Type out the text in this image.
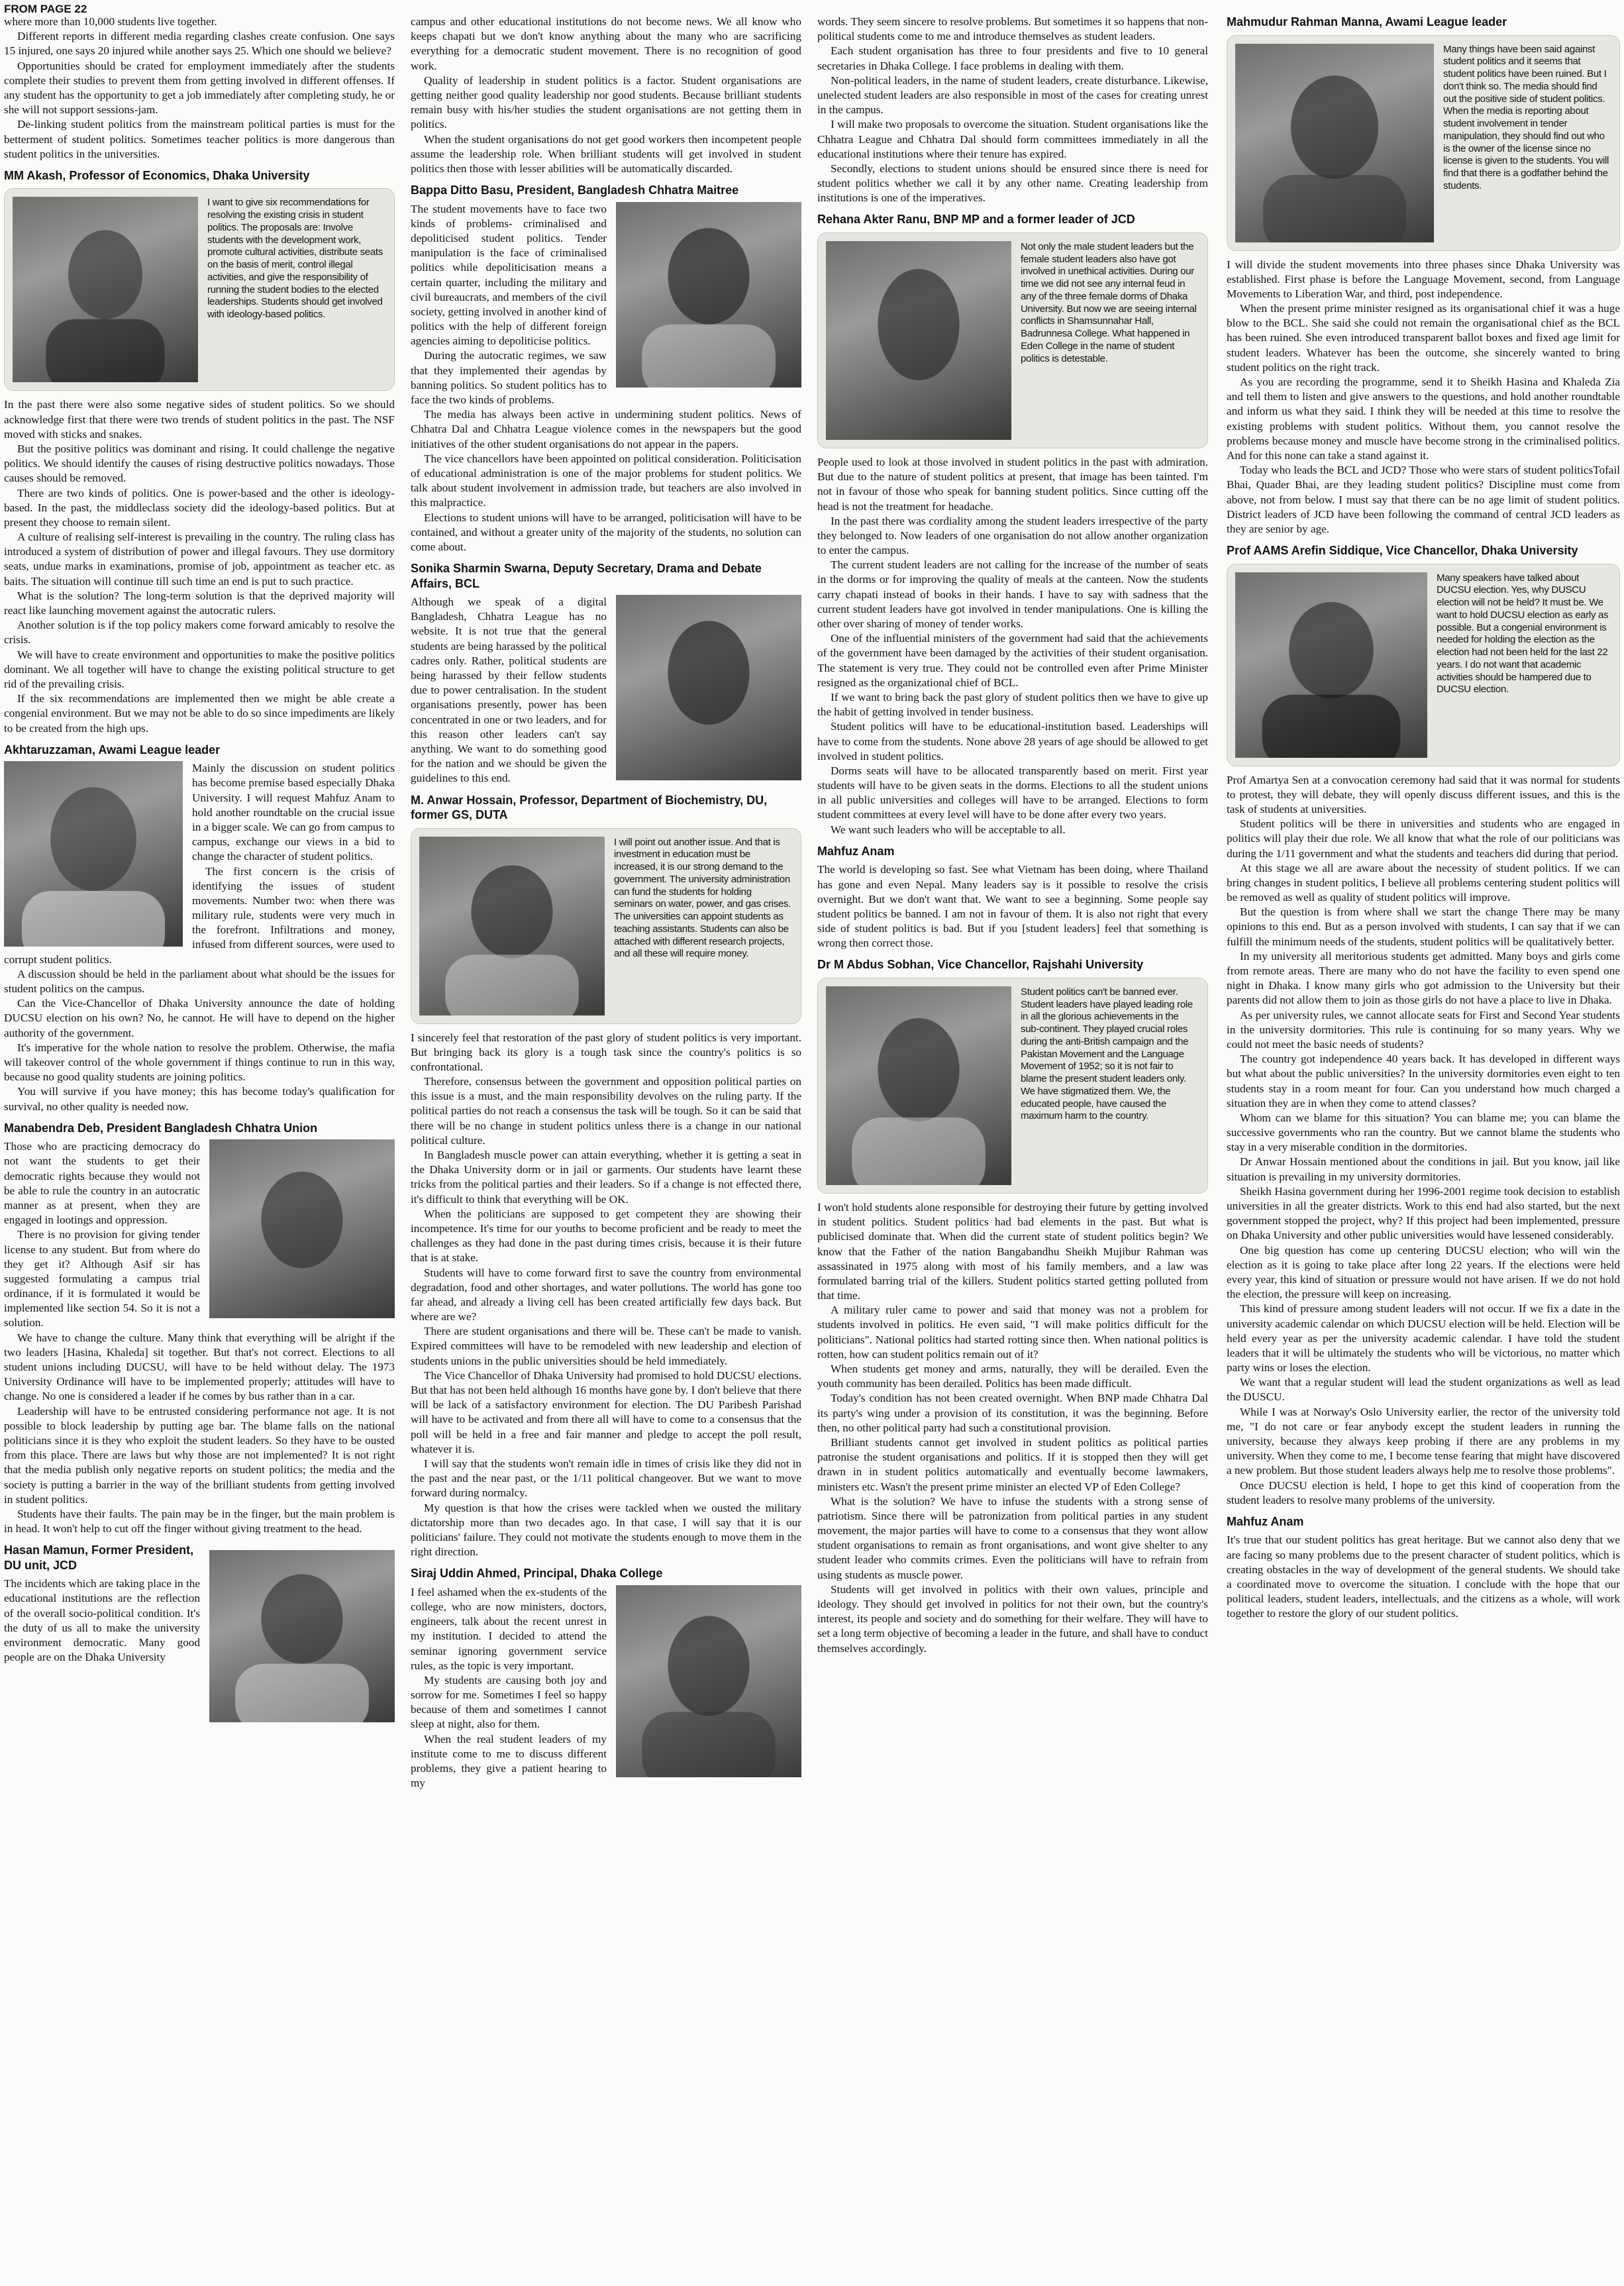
FROM PAGE 22

where more than 10,000 students live together.

Different reports in different media regarding clashes create confusion. One says 15 injured, one says 20 injured while another says 25. Which one should we believe?

Opportunities should be crated for employment immediately after the students complete their studies to prevent them from getting involved in different offenses. If any student has the opportunity to get a job immediately after completing study, he or she will not support sessions-jam.

De-linking student politics from the mainstream political parties is must for the betterment of student politics. Sometimes teacher politics is more dangerous than student politics in the universities.

MM Akash, Professor of Economics, Dhaka University
I want to give six recommendations for resolving the existing crisis in student politics. The proposals are: Involve students with the development work, promote cultural activities, distribute seats on the basis of merit, control illegal activities, and give the responsibility of running the student bodies to the elected leaderships. Students should get involved with ideology-based politics.

In the past there were also some negative sides of student politics. So we should acknowledge first that there were two trends of student politics in the past. The NSF moved with sticks and snakes.

But the positive politics was dominant and rising. It could challenge the negative politics. We should identify the causes of rising destructive politics nowadays. Those causes should be removed.

There are two kinds of politics. One is power-based and the other is ideology-based. In the past, the middleclass society did the ideology-based politics. But at present they choose to remain silent.

A culture of realising self-interest is prevailing in the country. The ruling class has introduced a system of distribution of power and illegal favours. They use dormitory seats, undue marks in examinations, promise of job, appointment as teacher etc. as baits. The situation will continue till such time an end is put to such practice.

What is the solution? The long-term solution is that the deprived majority will react like launching movement against the autocratic rulers.

Another solution is if the top policy makers come forward amicably to resolve the crisis.

We will have to create environment and opportunities to make the positive politics dominant. We all together will have to change the existing political structure to get rid of the prevailing crisis.

If the six recommendations are implemented then we might be able create a congenial environment. But we may not be able to do so since impediments are likely to be created from the high ups.

Akhtaruzzaman, Awami League leader

Mainly the discussion on student politics has become premise based especially Dhaka University. I will request Mahfuz Anam to hold another roundtable on the crucial issue in a bigger scale. We can go from campus to campus, exchange our views in a bid to change the character of student politics.

The first concern is the crisis of identifying the issues of student movements. Number two: when there was military rule, students were very much in the forefront. Infiltrations and money, infused from different sources, were used to corrupt student politics.

A discussion should be held in the parliament about what should be the issues for student politics on the campus.

Can the Vice-Chancellor of Dhaka University announce the date of holding DUCSU election on his own? No, he cannot. He will have to depend on the higher authority of the government.

It's imperative for the whole nation to resolve the problem. Otherwise, the mafia will takeover control of the whole government if things continue to run in this way, because no good quality students are joining politics.

You will survive if you have money; this has become today's qualification for survival, no other quality is needed now.

Manabendra Deb, President Bangladesh Chhatra Union

Those who are practicing democracy do not want the students to get their democratic rights because they would not be able to rule the country in an autocratic manner as at present, when they are engaged in lootings and oppression.

There is no provision for giving tender license to any student. But from where do they get it? Although Asif sir has suggested formulating a campus trial ordinance, if it is formulated it would be implemented like section 54. So it is not a solution.

We have to change the culture. Many think that everything will be alright if the two leaders [Hasina, Khaleda] sit together. But that's not correct. Elections to all student unions including DUCSU, will have to be held without delay. The 1973 University Ordinance will have to be implemented properly; attitudes will have to change. No one is considered a leader if he comes by bus rather than in a car.

Leadership will have to be entrusted considering performance not age. It is not possible to block leadership by putting age bar. The blame falls on the national politicians since it is they who exploit the student leaders. So they have to be ousted from this place. There are laws but why those are not implemented? It is not right that the media publish only negative reports on student politics; the media and the society is putting a barrier in the way of the brilliant students from getting involved in student politics.

Students have their faults. The pain may be in the finger, but the main problem is in head. It won't help to cut off the finger without giving treatment to the head.

Hasan Mamun, Former President, DU unit, JCD

The incidents which are taking place in the educational institutions are the reflection of the overall socio-political condition. It's the duty of us all to make the university environment democratic. Many good people are on the Dhaka University

campus and other educational institutions do not become news. We all know who keeps chapati but we don't know anything about the many who are sacrificing everything for a democratic student movement. There is no recognition of good work.

Quality of leadership in student politics is a factor. Student organisations are getting neither good quality leadership nor good students. Because brilliant students remain busy with his/her studies the student organisations are not getting them in politics.

When the student organisations do not get good workers then incompetent people assume the leadership role. When brilliant students will get involved in student politics then those with lesser abilities will be automatically discarded.

Bappa Ditto Basu, President, Bangladesh Chhatra Maitree

The student movements have to face two kinds of problems- criminalised and depoliticised student politics. Tender manipulation is the face of criminalised politics while depoliticisation means a certain quarter, including the military and civil bureaucrats, and members of the civil society, getting involved in another kind of politics with the help of different foreign agencies aiming to depoliticise politics.

During the autocratic regimes, we saw that they implemented their agendas by banning politics. So student politics has to face the two kinds of problems.

The media has always been active in undermining student politics. News of Chhatra Dal and Chhatra League violence comes in the newspapers but the good initiatives of the other student organisations do not appear in the papers.

The vice chancellors have been appointed on political consideration. Politicisation of educational administration is one of the major problems for student politics. We talk about student involvement in admission trade, but teachers are also involved in this malpractice.

Elections to student unions will have to be arranged, politicisation will have to be contained, and without a greater unity of the majority of the students, no solution can come about.

Sonika Sharmin Swarna, Deputy Secretary, Drama and Debate Affairs, BCL

Although we speak of a digital Bangladesh, Chhatra League has no website. It is not true that the general students are being harassed by the political cadres only. Rather, political students are being harassed by their fellow students due to power centralisation. In the student organisations presently, power has been concentrated in one or two leaders, and for this reason other leaders can't say anything. We want to do something good for the nation and we should be given the guidelines to this end.

M. Anwar Hossain, Professor, Department of Biochemistry, DU, former GS, DUTA
I will point out another issue. And that is investment in education must be increased, it is our strong demand to the government. The university administration can fund the students for holding seminars on water, power, and gas crises. The universities can appoint students as teaching assistants. Students can also be attached with different research projects, and all these will require money.

I sincerely feel that restoration of the past glory of student politics is very important. But bringing back its glory is a tough task since the country's politics is so confrontational.

Therefore, consensus between the government and opposition political parties on this issue is a must, and the main responsibility devolves on the ruling party. If the political parties do not reach a consensus the task will be tough. So it can be said that there will be no change in student politics unless there is a change in our national political culture.

In Bangladesh muscle power can attain everything, whether it is getting a seat in the Dhaka University dorm or in jail or garments. Our students have learnt these tricks from the political parties and their leaders. So if a change is not effected there, it's difficult to think that everything will be OK.

When the politicians are supposed to get competent they are showing their incompetence. It's time for our youths to become proficient and be ready to meet the challenges as they had done in the past during times crisis, because it is their future that is at stake.

Students will have to come forward first to save the country from environmental degradation, food and other shortages, and water pollutions. The world has gone too far ahead, and already a living cell has been created artificially few days back. But where are we?

There are student organisations and there will be. These can't be made to vanish. Expired committees will have to be remodeled with new leadership and election of students unions in the public universities should be held immediately.

The Vice Chancellor of Dhaka University had promised to hold DUCSU elections. But that has not been held although 16 months have gone by. I don't believe that there will be lack of a satisfactory environment for election. The DU Paribesh Parishad will have to be activated and from there all will have to come to a consensus that the poll will be held in a free and fair manner and pledge to accept the poll result, whatever it is.

I will say that the students won't remain idle in times of crisis like they did not in the past and the near past, or the 1/11 political changeover. But we want to move forward during normalcy.

My question is that how the crises were tackled when we ousted the military dictatorship more than two decades ago. In that case, I will say that it is our politicians' failure. They could not motivate the students enough to move them in the right direction.

Siraj Uddin Ahmed, Principal, Dhaka College

I feel ashamed when the ex-students of the college, who are now ministers, doctors, engineers, talk about the recent unrest in my institution. I decided to attend the seminar ignoring government service rules, as the topic is very important.

My students are causing both joy and sorrow for me. Sometimes I feel so happy because of them and sometimes I cannot sleep at night, also for them.

When the real student leaders of my institute come to me to discuss different problems, they give a patient hearing to my

words. They seem sincere to resolve problems. But sometimes it so happens that non-political students come to me and introduce themselves as student leaders.

Each student organisation has three to four presidents and five to 10 general secretaries in Dhaka College. I face problems in dealing with them.

Non-political leaders, in the name of student leaders, create disturbance. Likewise, unelected student leaders are also responsible in most of the cases for creating unrest in the campus.

I will make two proposals to overcome the situation. Student organisations like the Chhatra League and Chhatra Dal should form committees immediately in all the educational institutions where their tenure has expired.

Secondly, elections to student unions should be ensured since there is need for student politics whether we call it by any other name. Creating leadership from institutions is one of the imperatives.

Rehana Akter Ranu, BNP MP and a former leader of JCD
Not only the male student leaders but the female student leaders also have got involved in unethical activities. During our time we did not see any internal feud in any of the three female dorms of Dhaka University. But now we are seeing internal conflicts in Shamsunnahar Hall, Badrunnesa College. What happened in Eden College in the name of student politics is detestable.

People used to look at those involved in student politics in the past with admiration. But due to the nature of student politics at present, that image has been tainted. I'm not in favour of those who speak for banning student politics. Since cutting off the head is not the treatment for headache.

In the past there was cordiality among the student leaders irrespective of the party they belonged to. Now leaders of one organisation do not allow another organization to enter the campus.

The current student leaders are not calling for the increase of the number of seats in the dorms or for improving the quality of meals at the canteen. Now the students carry chapati instead of books in their hands. I have to say with sadness that the current student leaders have got involved in tender manipulations. One is killing the other over sharing of money of tender works.

One of the influential ministers of the government had said that the achievements of the government have been damaged by the activities of their student organisation. The statement is very true. They could not be controlled even after Prime Minister resigned as the organizational chief of BCL.

If we want to bring back the past glory of student politics then we have to give up the habit of getting involved in tender business.

Student politics will have to be educational-institution based. Leaderships will have to come from the students. None above 28 years of age should be allowed to get involved in student politics.

Dorms seats will have to be allocated transparently based on merit. First year students will have to be given seats in the dorms. Elections to all the student unions in all public universities and colleges will have to be arranged. Elections to form student committees at every level will have to be done after every two years.

We want such leaders who will be acceptable to all.

Mahfuz Anam

The world is developing so fast. See what Vietnam has been doing, where Thailand has gone and even Nepal. Many leaders say is it possible to resolve the crisis overnight. But we don't want that. We want to see a beginning. Some people say student politics be banned. I am not in favour of them. It is also not right that every side of student politics is bad. But if you [student leaders] feel that something is wrong then correct those.

Dr M Abdus Sobhan, Vice Chancellor, Rajshahi University
Student politics can't be banned ever. Student leaders have played leading role in all the glorious achievements in the sub-continent. They played crucial roles during the anti-British campaign and the Pakistan Movement and the Language Movement of 1952; so it is not fair to blame the present student leaders only. We have stigmatized them. We, the educated people, have caused the maximum harm to the country.

I won't hold students alone responsible for destroying their future by getting involved in student politics. Student politics had bad elements in the past. But what is publicised dominate that. When did the current state of student politics begin? We know that the Father of the nation Bangabandhu Sheikh Mujibur Rahman was assassinated in 1975 along with most of his family members, and a law was formulated barring trial of the killers. Student politics started getting polluted from that time.

A military ruler came to power and said that money was not a problem for students involved in politics. He even said, "I will make politics difficult for the politicians". National politics had started rotting since then. When national politics is rotten, how can student politics remain out of it?

When students get money and arms, naturally, they will be derailed. Even the youth community has been derailed. Politics has been made difficult.

Today's condition has not been created overnight. When BNP made Chhatra Dal its party's wing under a provision of its constitution, it was the beginning. Before then, no other political party had such a constitutional provision.

Brilliant students cannot get involved in student politics as political parties patronise the student organisations and politics. If it is stopped then they will get drawn in in student politics automatically and eventually become lawmakers, ministers etc. Wasn't the present prime minister an elected VP of Eden College?

What is the solution? We have to infuse the students with a strong sense of patriotism. Since there will be patronization from political parties in any student movement, the major parties will have to come to a consensus that they wont allow student organisations to remain as front organisations, and wont give shelter to any student leader who commits crimes. Even the politicians will have to refrain from using students as muscle power.

Students will get involved in politics with their own values, principle and ideology. They should get involved in politics for not their own, but the country's interest, its people and society and do something for their welfare. They will have to set a long term objective of becoming a leader in the future, and shall have to conduct themselves accordingly.

Mahmudur Rahman Manna, Awami League leader
Many things have been said against student politics and it seems that student politics have been ruined. But I don't think so. The media should find out the positive side of student politics. When the media is reporting about student involvement in tender manipulation, they should find out who is the owner of the license since no license is given to the students. You will find that there is a godfather behind the students.

I will divide the student movements into three phases since Dhaka University was established. First phase is before the Language Movement, second, from Language Movements to Liberation War, and third, post independence.

When the present prime minister resigned as its organisational chief it was a huge blow to the BCL. She said she could not remain the organisational chief as the BCL has been ruined. She even introduced transparent ballot boxes and fixed age limit for student leaders. Whatever has been the outcome, she sincerely wanted to bring student politics on the right track.

As you are recording the programme, send it to Sheikh Hasina and Khaleda Zia and tell them to listen and give answers to the questions, and hold another roundtable and inform us what they said. I think they will be needed at this time to resolve the existing problems with student politics. Without them, you cannot resolve the problems because money and muscle have become strong in the criminalised politics. And for this none can take a stand against it.

Today who leads the BCL and JCD? Those who were stars of student politicsTofail Bhai, Quader Bhai, are they leading student politics? Discipline must come from above, not from below. I must say that there can be no age limit of student politics. District leaders of JCD have been following the command of central JCD leaders as they are senior by age.

Prof AAMS Arefin Siddique, Vice Chancellor, Dhaka University
Many speakers have talked about DUCSU election. Yes, why DUSCU election will not be held? It must be. We want to hold DUCSU election as early as possible. But a congenial environment is needed for holding the election as the election had not been held for the last 22 years. I do not want that academic activities should be hampered due to DUCSU election.

Prof Amartya Sen at a convocation ceremony had said that it was normal for students to protest, they will debate, they will openly discuss different issues, and this is the task of students at universities.

Student politics will be there in universities and students who are engaged in politics will play their due role. We all know that what the role of our politicians was during the 1/11 government and what the students and teachers did during that period.

At this stage we all are aware about the necessity of student politics. If we can bring changes in student politics, I believe all problems centering student politics will be removed as well as quality of student politics will improve.

But the question is from where shall we start the change There may be many opinions to this end. But as a person involved with students, I can say that if we can fulfill the minimum needs of the students, student politics will be qualitatively better.

In my university all meritorious students get admitted. Many boys and girls come from remote areas. There are many who do not have the facility to even spend one night in Dhaka. I know many girls who got admission to the University but their parents did not allow them to join as those girls do not have a place to live in Dhaka.

As per university rules, we cannot allocate seats for First and Second Year students in the university dormitories. This rule is continuing for so many years. Why we could not meet the basic needs of students?

The country got independence 40 years back. It has developed in different ways but what about the public universities? In the university dormitories even eight to ten students stay in a room meant for four. Can you understand how much charged a situation they are in when they come to attend classes?

Whom can we blame for this situation? You can blame me; you can blame the successive governments who ran the country. But we cannot blame the students who stay in a very miserable condition in the dormitories.

Dr Anwar Hossain mentioned about the conditions in jail. But you know, jail like situation is prevailing in my university dormitories.

Sheikh Hasina government during her 1996-2001 regime took decision to establish universities in all the greater districts. Work to this end had also started, but the next government stopped the project, why? If this project had been implemented, pressure on Dhaka University and other public universities would have lessened considerably.

One big question has come up centering DUCSU election; who will win the election as it is going to take place after long 22 years. If the elections were held every year, this kind of situation or pressure would not have arisen. If we do not hold the election, the pressure will keep on increasing.

This kind of pressure among student leaders will not occur. If we fix a date in the university academic calendar on which DUCSU election will be held. Election will be held every year as per the university academic calendar. I have told the student leaders that it will be ultimately the students who will be victorious, no matter which party wins or loses the election.

We want that a regular student will lead the student organizations as well as lead the DUSCU.

While I was at Norway's Oslo University earlier, the rector of the university told me, "I do not care or fear anybody except the student leaders in running the university, because they always keep probing if there are any problems in my university. When they come to me, I become tense fearing that might have discovered a new problem. But those student leaders always help me to resolve those problems".

Once DUCSU election is held, I hope to get this kind of cooperation from the student leaders to resolve many problems of the university.

Mahfuz Anam

It's true that our student politics has great heritage. But we cannot also deny that we are facing so many problems due to the present character of student politics, which is creating obstacles in the way of development of the general students. We should take a coordinated move to overcome the situation. I conclude with the hope that our political leaders, student leaders, intellectuals, and the citizens as a whole, will work together to restore the glory of our student politics.
